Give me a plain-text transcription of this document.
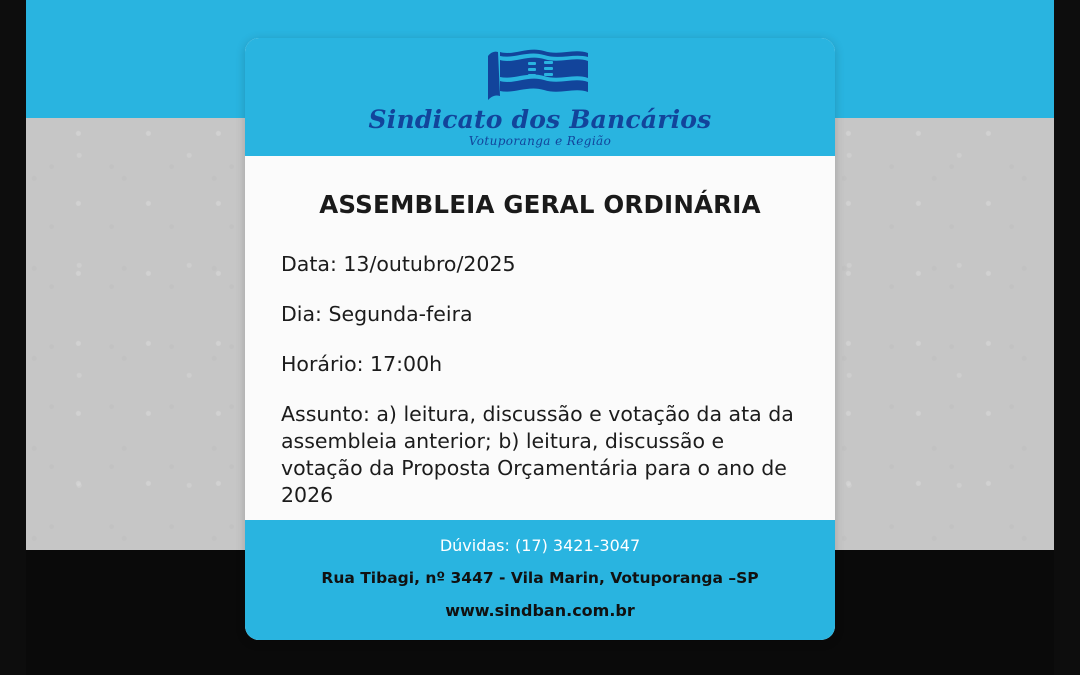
Sindicato dos Bancários
Votuporanga e Região
ASSEMBLEIA GERAL ORDINÁRIA

Data: 13/outubro/2025

Dia: Segunda-feira

Horário: 17:00h

Assunto: a) leitura, discussão e votação da ata da assembleia anterior; b) leitura, discussão e votação da Proposta Orçamentária para o ano de 2026

Dúvidas: (17) 3421-3047

Rua Tibagi, nº 3447 - Vila Marin, Votuporanga –SP

www.sindban.com.br
